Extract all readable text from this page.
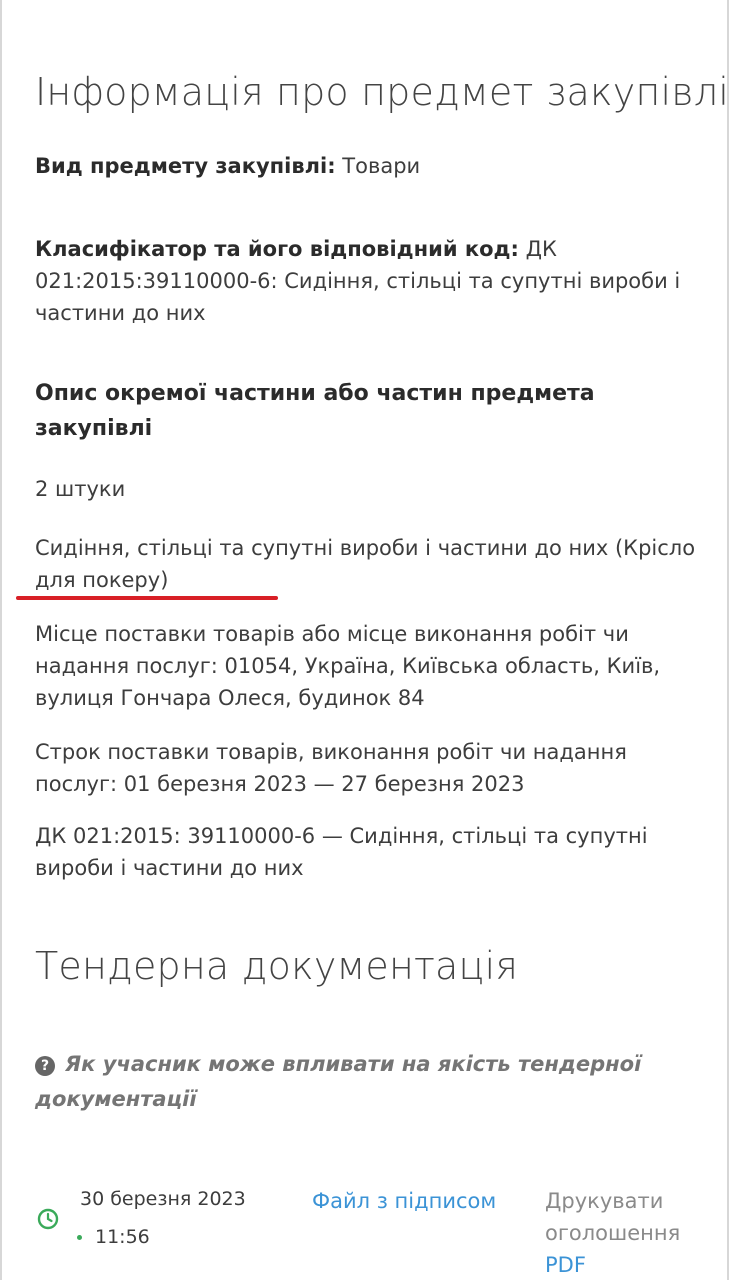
Інформація про предмет закупівлі
Вид предмету закупівлі: Товари
Класифікатор та його відповідний код: ДК 021:2015:39110000-6: Сидіння, стільці та супутні вироби і частини до них
Опис окремої частини або частин предмета закупівлі
2 штуки
Сидіння, стільці та супутні вироби і частини до них (Крісло для покеру)
Місце поставки товарів або місце виконання робіт чи надання послуг: 01054, Україна, Київська область, Київ, вулиця Гончара Олеся, будинок 84
Строк поставки товарів, виконання робіт чи надання послуг: 01 березня 2023 — 27 березня 2023
ДК 021:2015: 39110000-6 — Сидіння, стільці та супутні вироби і частини до них
Тендерна документація
? Як учасник може впливати на якість тендерної документації
30 березня 2023
11:56
Файл з підписом Друкувати оголошення
PDF
